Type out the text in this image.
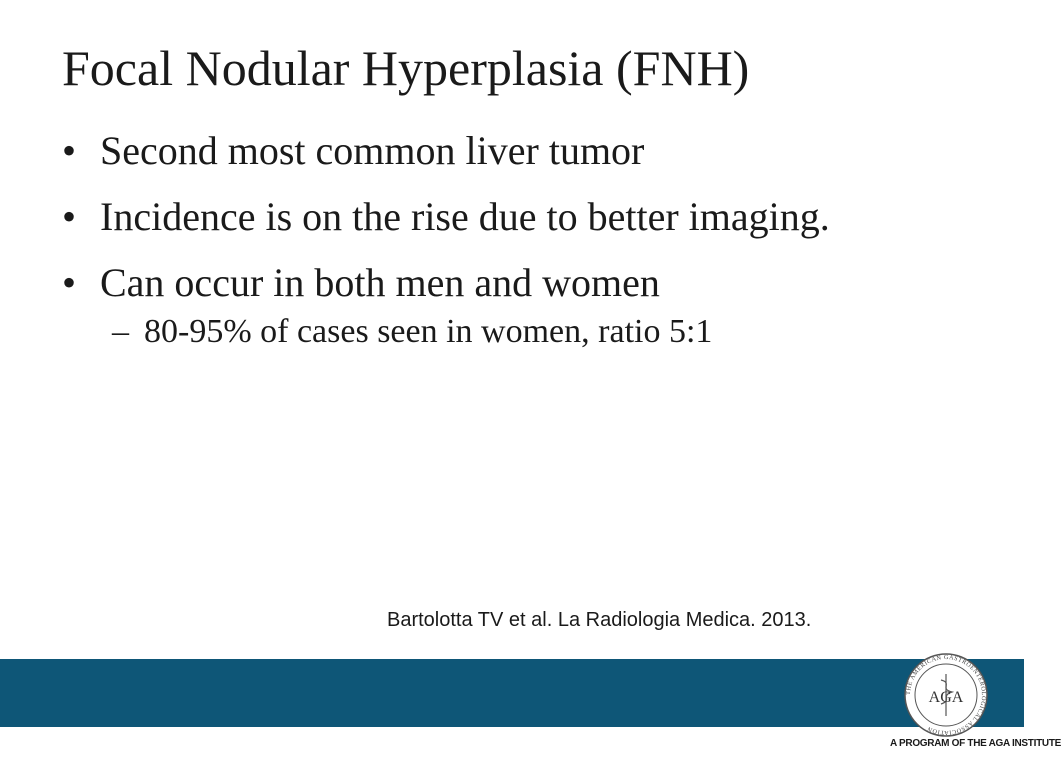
Focal Nodular Hyperplasia (FNH)
• Second most common liver tumor
• Incidence is on the rise due to better imaging.
• Can occur in both men and women
– 80-95% of cases seen in women, ratio 5:1
Bartolotta TV et al. La Radiologia Medica. 2013.
THE AMERICAN GASTROENTEROLOGICAL ASSOCIATION
AGA
A PROGRAM OF THE AGA INSTITUTE
